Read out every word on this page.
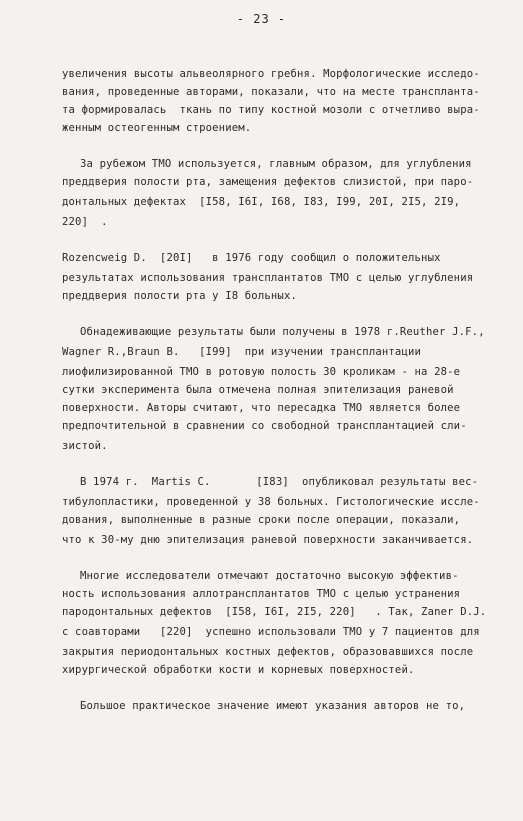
- 23 -
увеличения высоты альвеолярного гребня. Морфологические исследо-
вания, проведенные авторами, показали, что на месте трансплантa-
та формировалась  ткань по типу костной мозоли с отчетливо выра-
женным остеогенным строением.
За рубежом ТМО используется, главным образом, для углубления
преддверия полости рта, замещения дефектов слизистой, при паро-
донтальных дефектах  [I58, I6I, I68, I83, I99, 20I, 2I5, 2I9,
220]  .
Rozencweig D.  [20I]   в 1976 году сообщил о положительных
результатах использования трансплантатов ТМО с целью углубления
преддверия полости рта у I8 больных.
Обнадеживающие результаты были получены в 1978 г.Reuther J.F.,
Wagner R.,Braun B.   [I99]  при изучении трансплантации
лиофилизированной ТМО в ротовую полость 30 кроликам - на 28-е
сутки эксперимента была отмечена полная эпителизация раневой
поверхности. Авторы считают, что пересадка ТМО является более
предпочтительной в сравнении со свободной трансплантацией сли-
зистой.
В 1974 г.  Martis C.       [I83]  опубликовал результаты вес-
тибулопластики, проведенной у 38 больных. Гистологические иссле-
дования, выполненные в разные сроки после операции, показали,
что к 30-му дню эпителизация раневой поверхности заканчивается.
Многие исследователи отмечают достаточно высокую эффектив-
ность использования аллотрансплантатов ТМО с целью устранения
пародонтальных дефектов  [I58, I6I, 2I5, 220]   . Так, Zaner D.J.
с соавторами   [220]  успешно использовали ТМО у 7 пациентов для
закрытия периодонтальных костных дефектов, образовавшихся после
хирургической обработки кости и корневых поверхностей.
Большое практическое значение имеют указания авторов не то,
